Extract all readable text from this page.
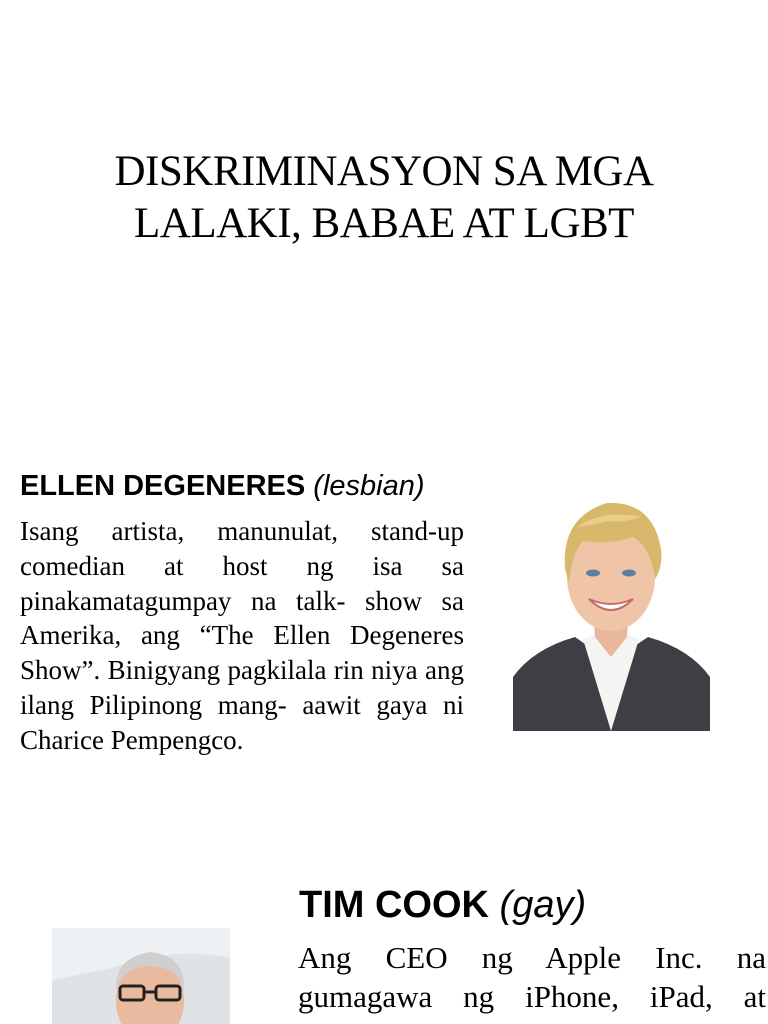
DISKRIMINASYON SA MGA
LALAKI, BABAE AT LGBT
ELLEN DEGENERES (lesbian)

Isang artista, manunulat, stand-up comedian at host ng isa sa pinakamatagumpay na talk- show sa Amerika, ang “The Ellen Degeneres Show”. Binigyang pagkilala rin niya ang ilang Pilipinong mang- aawit gaya ni Charice Pempengco.

TIM COOK (gay)

Ang CEO ng Apple Inc. na
gumagawa ng iPhone, iPad, at
